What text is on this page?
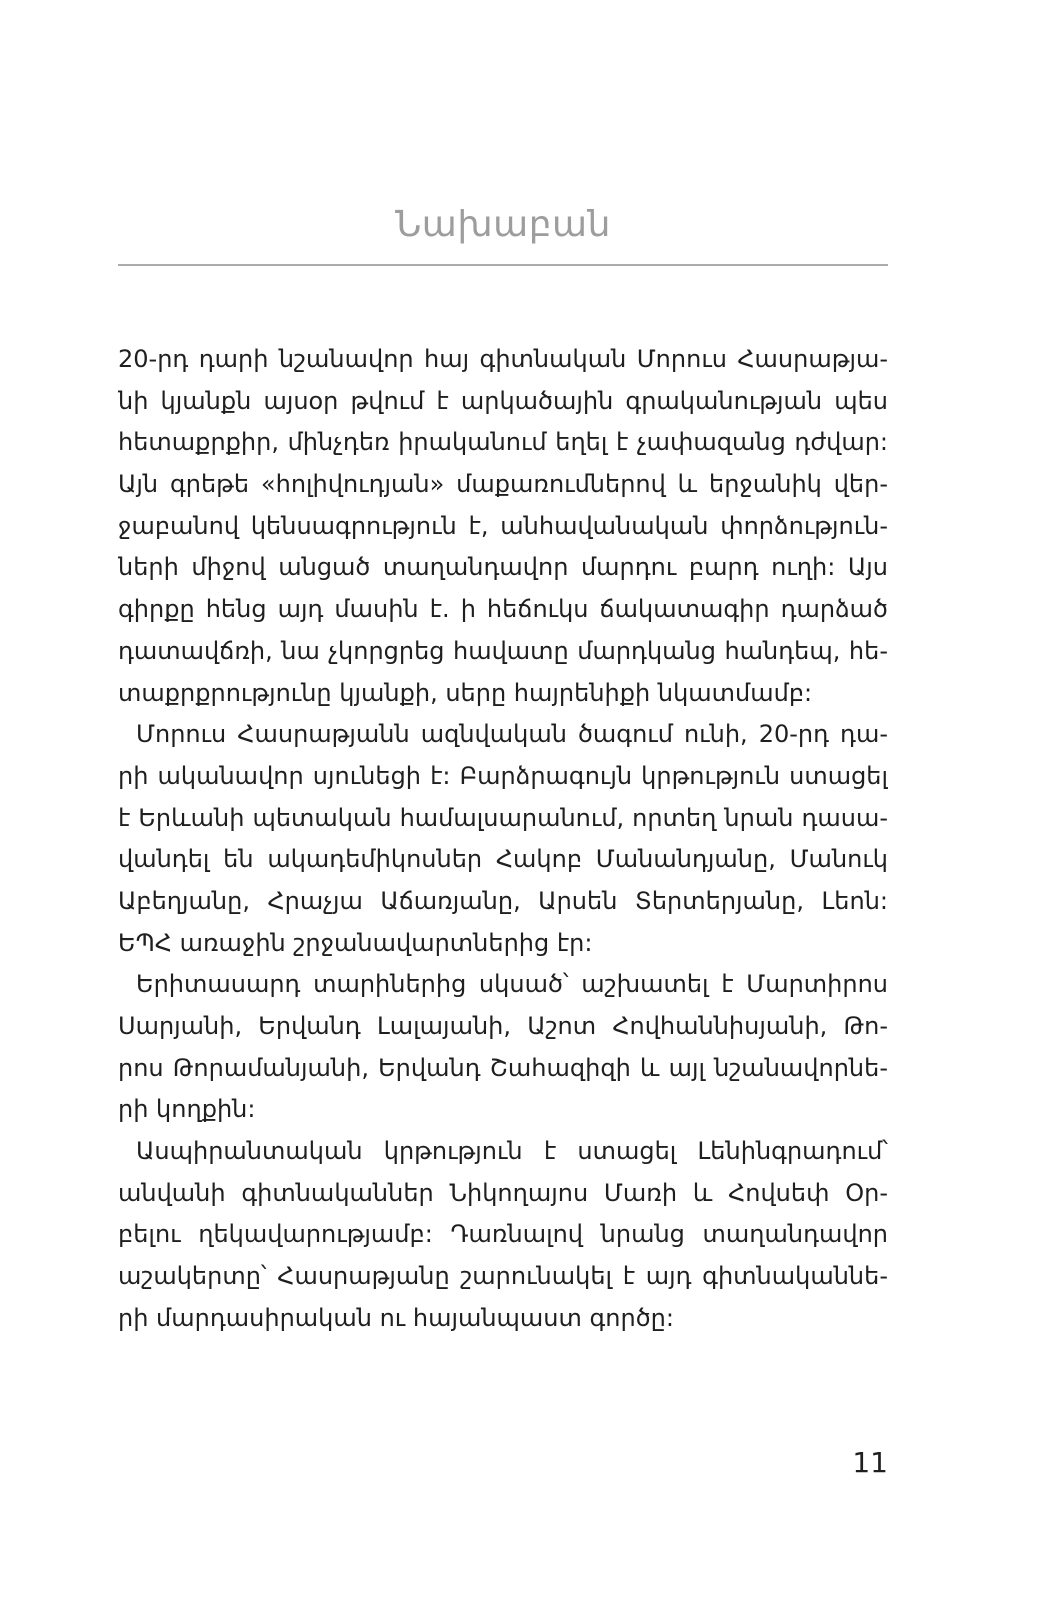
Նախաբան
20-րդ դարի նշանավոր հայ գիտնական Մորուս Հասրաթյա-
նի կյանքն այսօր թվում է արկածային գրականության պես
հետաքրքիր, մինչդեռ իրականում եղել է չափազանց դժվար:
Այն գրեթե «հոլիվուդյան» մաքառումներով և երջանիկ վեր-
ջաբանով կենսագրություն է, անհավանական փորձություն-
ների միջով անցած տաղանդավոր մարդու բարդ ուղի: Այս
գիրքը հենց այդ մասին է. ի հեճուկս ճակատագիր դարձած
դատավճռի, նա չկորցրեց հավատը մարդկանց հանդեպ, հե-
տաքրքրությունը կյանքի, սերը հայրենիքի նկատմամբ:
Մորուս Հասրաթյանն ազնվական ծագում ունի, 20-րդ դա-
րի ականավոր սյունեցի է: Բարձրագույն կրթություն ստացել
է Երևանի պետական համալսարանում, որտեղ նրան դասա-
վանդել են ակադեմիկոսներ Հակոբ Մանանդյանը, Մանուկ
Աբեղյանը, Հրաչյա Աճառյանը, Արսեն Տերտերյանը, Լեոն:
ԵՊՀ առաջին շրջանավարտներից էր:
Երիտասարդ տարիներից սկսած՝ աշխատել է Մարտիրոս
Սարյանի, Երվանդ Լալայանի, Աշոտ Հովհաննիսյանի, Թո-
րոս Թորամանյանի, Երվանդ Շահազիզի և այլ նշանավորնե-
րի կողքին:
Ասպիրանտական կրթություն է ստացել Լենինգրադում՝
անվանի գիտնականներ Նիկողայոս Մառի և Հովսեփ Օր-
բելու ղեկավարությամբ: Դառնալով նրանց տաղանդավոր
աշակերտը՝ Հասրաթյանը շարունակել է այդ գիտնականնե-
րի մարդասիրական ու հայանպաստ գործը:
11
